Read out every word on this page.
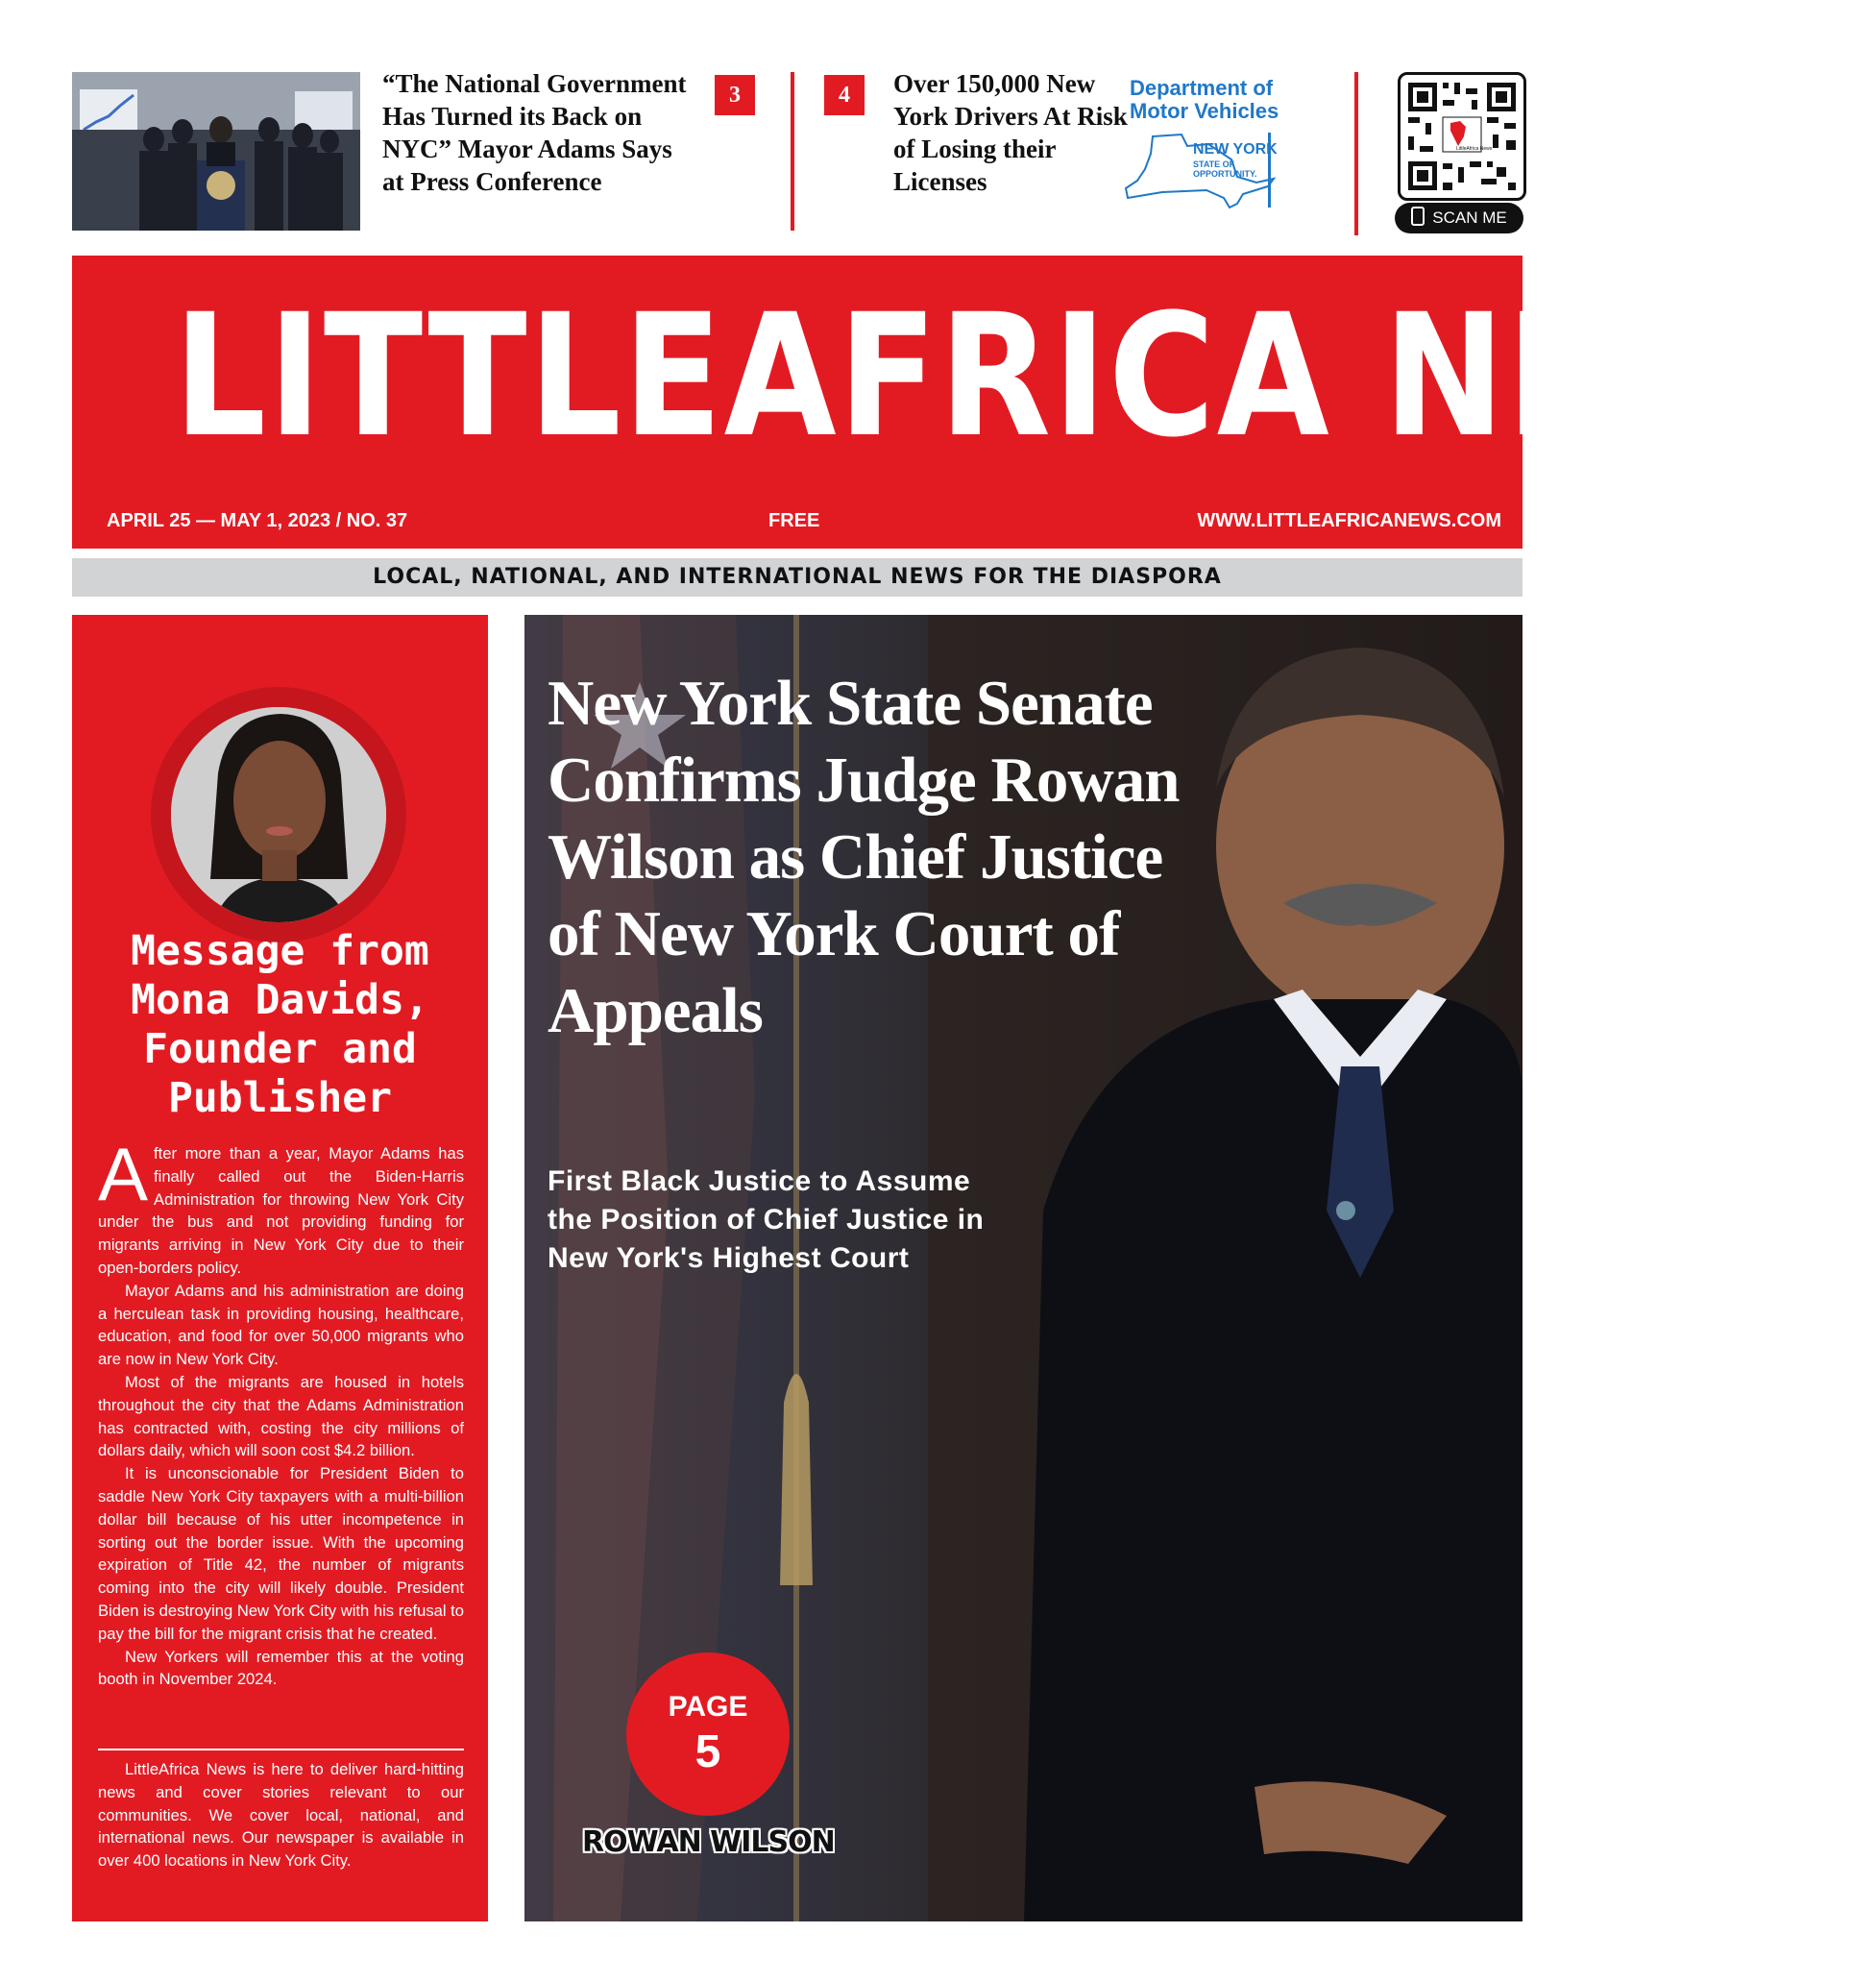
“The National Government Has Turned its Back on NYC” Mayor Adams Says at Press Conference

3	4	Over 150,000 New York Drivers At Risk of Losing their Licenses

Department of
Motor Vehicles
NEW YORK
STATE OF
OPPORTUNITY.
LittleAfrica News
SCAN ME
LITTLEAFRICA NEWS
APRIL 25 — MAY 1, 2023 / NO. 37	FREE	WWW.LITTLEAFRICANEWS.COM
LOCAL, NATIONAL, AND INTERNATIONAL NEWS FOR THE DIASPORA
Message from Mona Davids, Founder and Publisher

After more than a year, Mayor Adams has finally called out the Biden-Harris Administration for throwing New York City under the bus and not providing funding for migrants arriving in New York City due to their open-borders policy.

Mayor Adams and his administration are doing a herculean task in providing housing, healthcare, education, and food for over 50,000 migrants who are now in New York City.

Most of the migrants are housed in hotels throughout the city that the Adams Administration has contracted with, costing the city millions of dollars daily, which will soon cost $4.2 billion.

It is unconscionable for President Biden to saddle New York City taxpayers with a multi-billion dollar bill because of his utter incompetence in sorting out the border issue. With the upcoming expiration of Title 42, the number of migrants coming into the city will likely double. President Biden is destroying New York City with his refusal to pay the bill for the migrant crisis that he created.

New Yorkers will remember this at the voting booth in November 2024.

LittleAfrica News is here to deliver hard-hitting news and cover stories relevant to our communities. We cover local, national, and international news. Our newspaper is available in over 400 locations in New York City.

New York State Senate Confirms Judge Rowan Wilson as Chief Justice of New York Court of Appeals

First Black Justice to Assume the Position of Chief Justice in New York's Highest Court

PAGE
5
ROWAN WILSON
